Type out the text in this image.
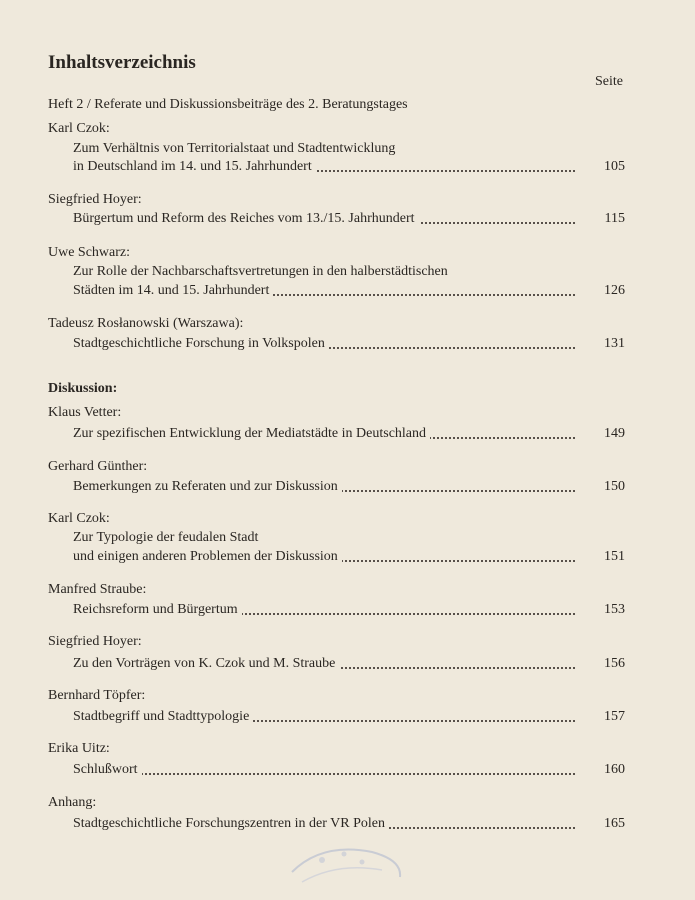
Inhaltsverzeichnis
Seite
Heft 2 / Referate und Diskussionsbeiträge des 2. Beratungstages
Karl Czok:
Zum Verhältnis von Territorialstaat und Stadtentwicklung
in Deutschland im 14. und 15. Jahrhundert	105
Siegfried Hoyer:
Bürgertum und Reform des Reiches vom 13./15. Jahrhundert	115
Uwe Schwarz:
Zur Rolle der Nachbarschaftsvertretungen in den halberstädtischen
Städten im 14. und 15. Jahrhundert	126
Tadeusz Rosłanowski (Warszawa):
Stadtgeschichtliche Forschung in Volkspolen	131
Diskussion:
Klaus Vetter:
Zur spezifischen Entwicklung der Mediatstädte in Deutschland	149
Gerhard Günther:
Bemerkungen zu Referaten und zur Diskussion	150
Karl Czok:
Zur Typologie der feudalen Stadt
und einigen anderen Problemen der Diskussion	151
Manfred Straube:
Reichsreform und Bürgertum	153
Siegfried Hoyer:
Zu den Vorträgen von K. Czok und M. Straube	156
Bernhard Töpfer:
Stadtbegriff und Stadttypologie	157
Erika Uitz:
Schlußwort	160
Anhang:
Stadtgeschichtliche Forschungszentren in der VR Polen	165
